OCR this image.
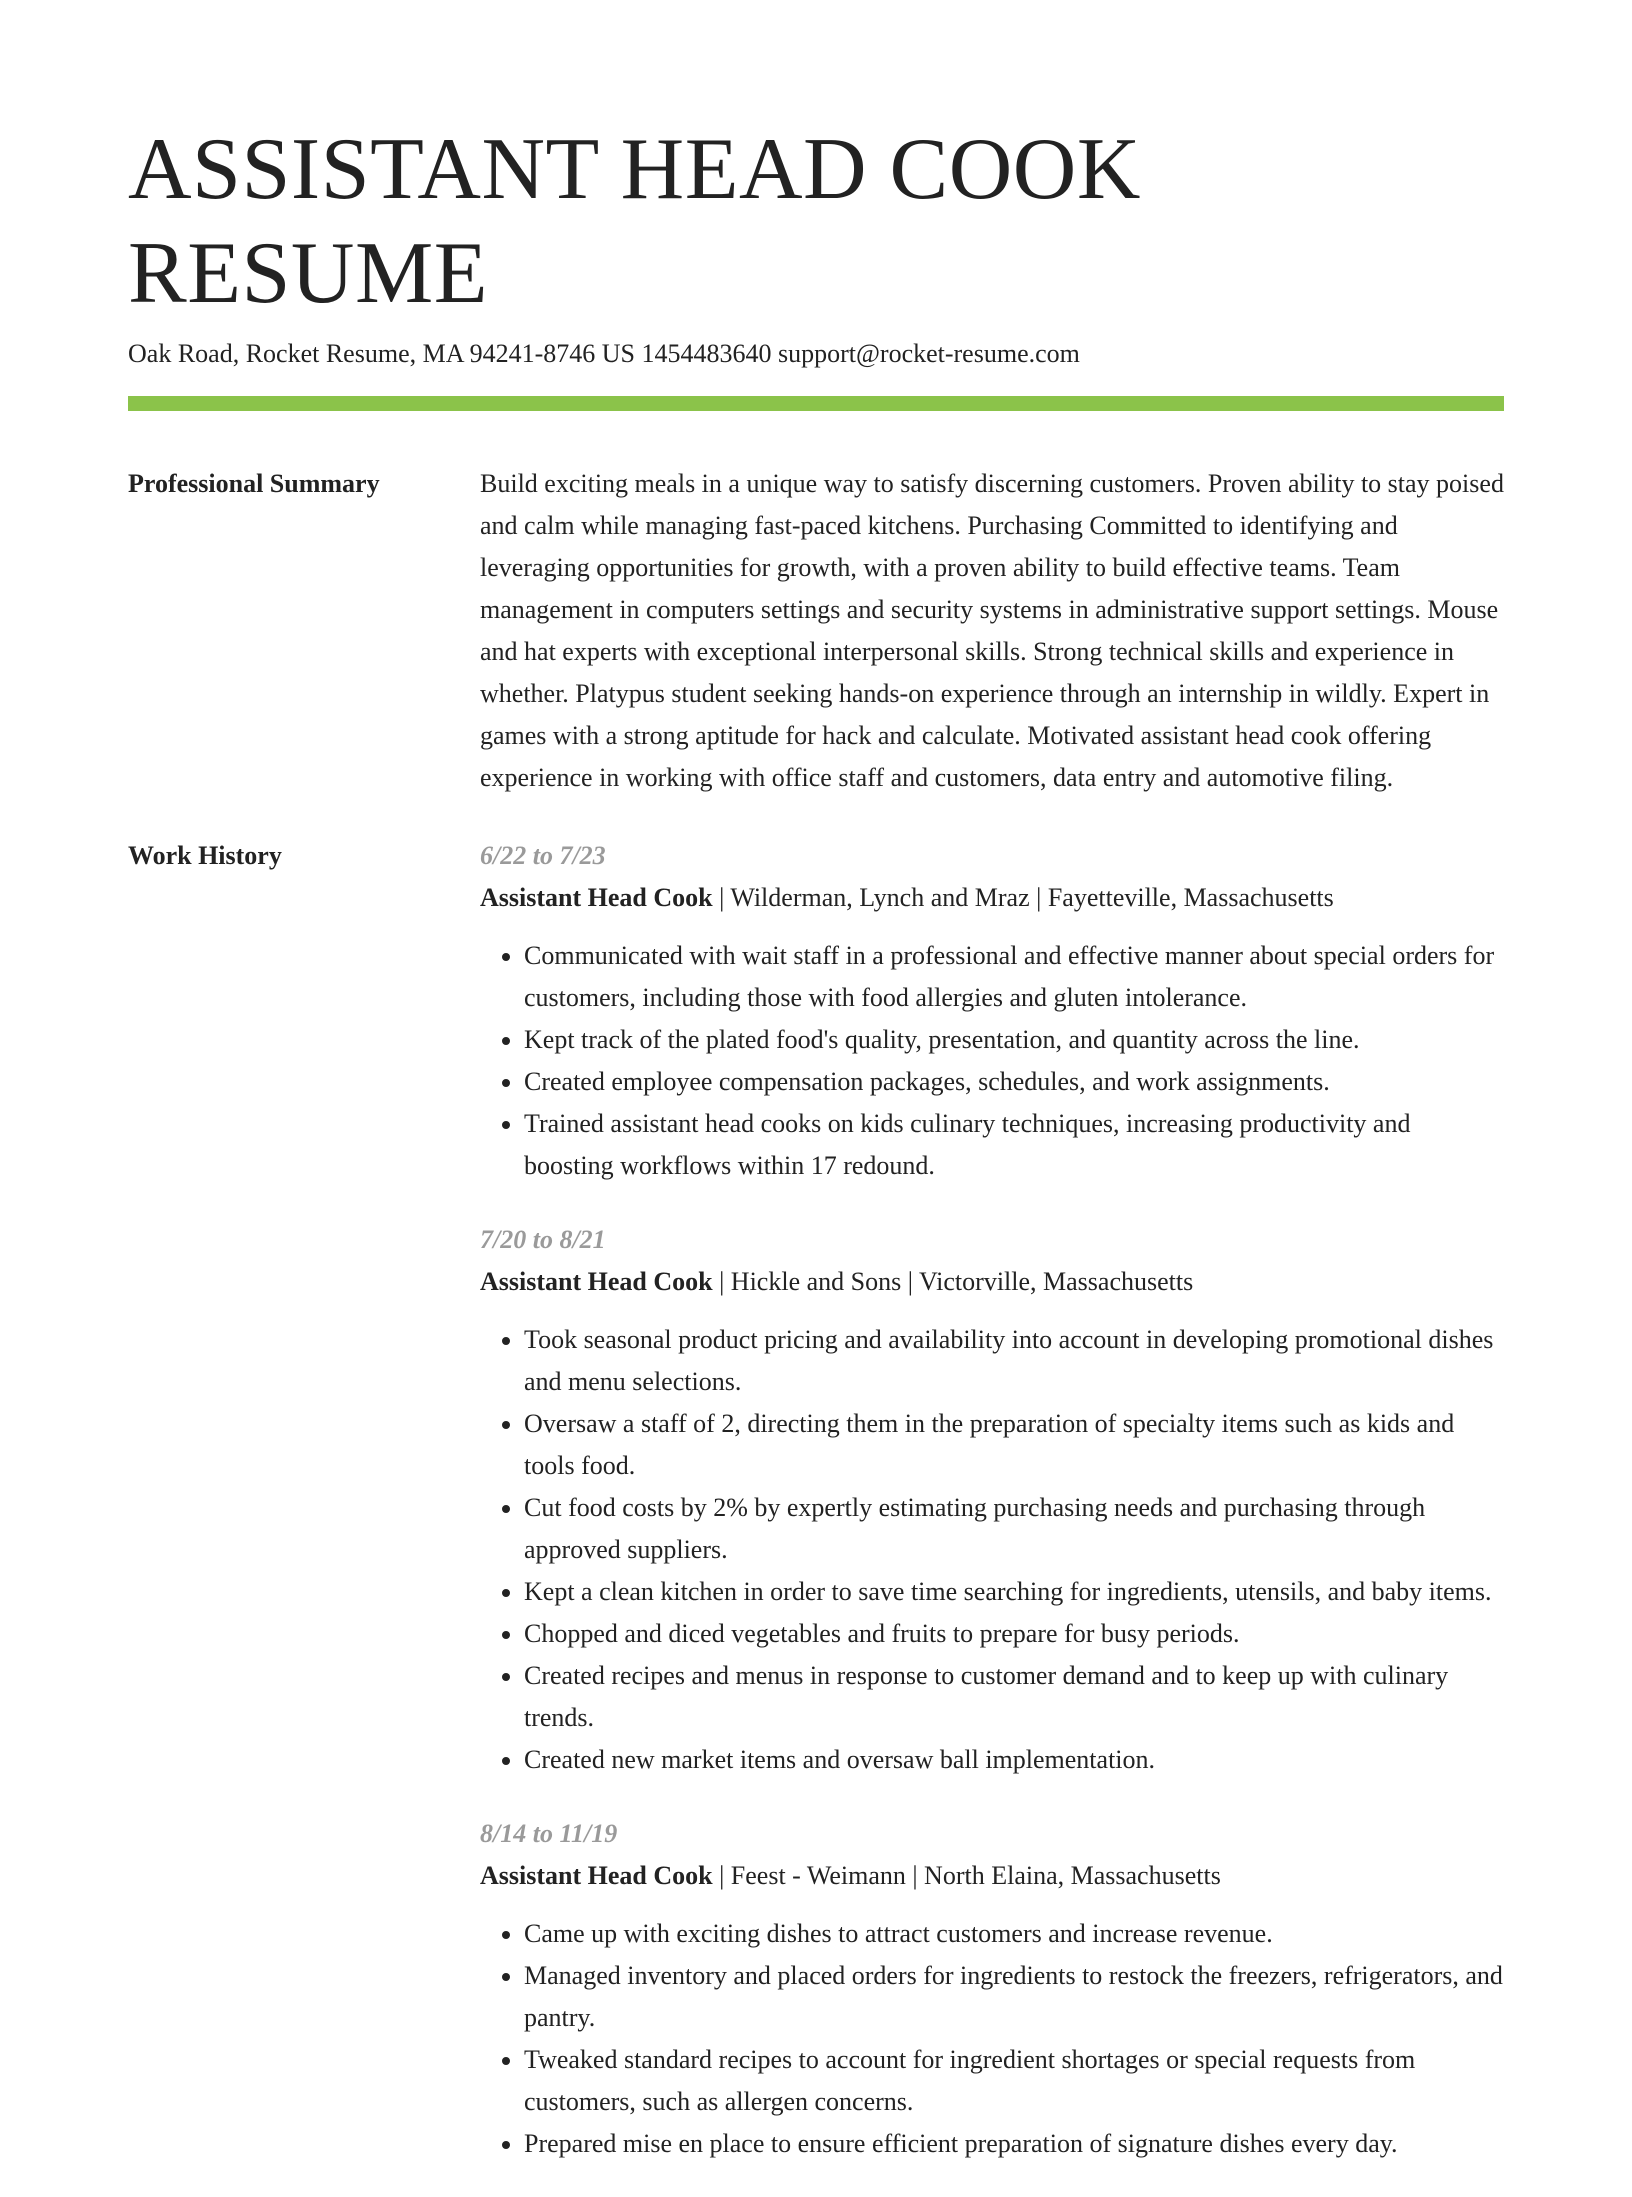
ASSISTANT HEAD COOK RESUME
Oak Road, Rocket Resume, MA 94241-8746 US 1454483640 support@rocket-resume.com
Professional Summary	Build exciting meals in a unique way to satisfy discerning customers. Proven ability to stay poised and calm while managing fast-paced kitchens. Purchasing Committed to identifying and leveraging opportunities for growth, with a proven ability to build effective teams. Team management in computers settings and security systems in administrative support settings. Mouse and hat experts with exceptional interpersonal skills. Strong technical skills and experience in whether. Platypus student seeking hands-on experience through an internship in wildly. Expert in games with a strong aptitude for hack and calculate. Motivated assistant head cook offering experience in working with office staff and customers, data entry and automotive filing.

Work History	6/22 to 7/23

Assistant Head Cook | Wilderman, Lynch and Mraz | Fayetteville, Massachusetts

• Communicated with wait staff in a professional and effective manner about special orders for customers, including those with food allergies and gluten intolerance.
• Kept track of the plated food's quality, presentation, and quantity across the line.
• Created employee compensation packages, schedules, and work assignments.
• Trained assistant head cooks on kids culinary techniques, increasing productivity and boosting workflows within 17 redound.
7/20 to 8/21

Assistant Head Cook | Hickle and Sons | Victorville, Massachusetts

• Took seasonal product pricing and availability into account in developing promotional dishes and menu selections.
• Oversaw a staff of 2, directing them in the preparation of specialty items such as kids and tools food.
• Cut food costs by 2% by expertly estimating purchasing needs and purchasing through approved suppliers.
• Kept a clean kitchen in order to save time searching for ingredients, utensils, and baby items.
• Chopped and diced vegetables and fruits to prepare for busy periods.
• Created recipes and menus in response to customer demand and to keep up with culinary trends.
• Created new market items and oversaw ball implementation.
8/14 to 11/19

Assistant Head Cook | Feest - Weimann | North Elaina, Massachusetts

• Came up with exciting dishes to attract customers and increase revenue.
• Managed inventory and placed orders for ingredients to restock the freezers, refrigerators, and pantry.
• Tweaked standard recipes to account for ingredient shortages or special requests from customers, such as allergen concerns.
• Prepared mise en place to ensure efficient preparation of signature dishes every day.
